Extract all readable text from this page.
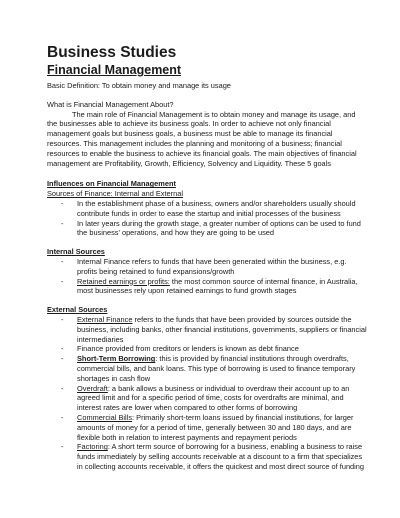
Business Studies
Financial Management

Basic Definition: To obtain money and manage its usage

What is Financial Management About?

The main role of Financial Management is to obtain money and manage its usage, and the businesses able to achieve its business goals. In order to achieve not only financial management goals but business goals, a business must be able to manage its financial resources. This management includes the planning and monitoring of a business; financial resources to enable the business to achieve its financial goals. The main objectives of financial management are Profitability, Growth, Efficiency, Solvency and Liquidity. These 5 goals

Influences on Financial Management

Sources of Finance: Internal and External

-	In the establishment phase of a business, owners and/or shareholders usually should contribute funds in order to ease the startup and initial processes of the business
-	In later years during the growth stage, a greater number of options can be used to fund the business' operations, and how they are going to be used

Internal Sources

-	Internal Finance refers to funds that have been generated within the business, e.g. profits being retained to fund expansions/growth
-	Retained earnings or profits: the most common source of internal finance, in Australia, most businesses rely upon retained earnings to fund growth stages

External Sources

-	External Finance refers to the funds that have been provided by sources outside the business, including banks, other financial institutions, governments, suppliers or financial intermediaries
-	Finance provided from creditors or lenders is known as debt finance
-	Short-Term Borrowing: this is provided by financial institutions through overdrafts, commercial bills, and bank loans. This type of borrowing is used to finance temporary shortages in cash flow
-	Overdraft: a bank allows a business or individual to overdraw their account up to an agreed limit and for a specific period of time, costs for overdrafts are minimal, and interest rates are lower when compared to other forms of borrowing
-	Commercial Bills: Primarily short-term loans issued by financial institutions, for larger amounts of money for a period of time, generally between 30 and 180 days, and are flexible both in relation to interest payments and repayment periods
-	Factoring: A short term source of borrowing for a business, enabling a business to raise funds immediately by selling accounts receivable at a discount to a firm that specializes in collecting accounts receivable, it offers the quickest and most direct source of funding
